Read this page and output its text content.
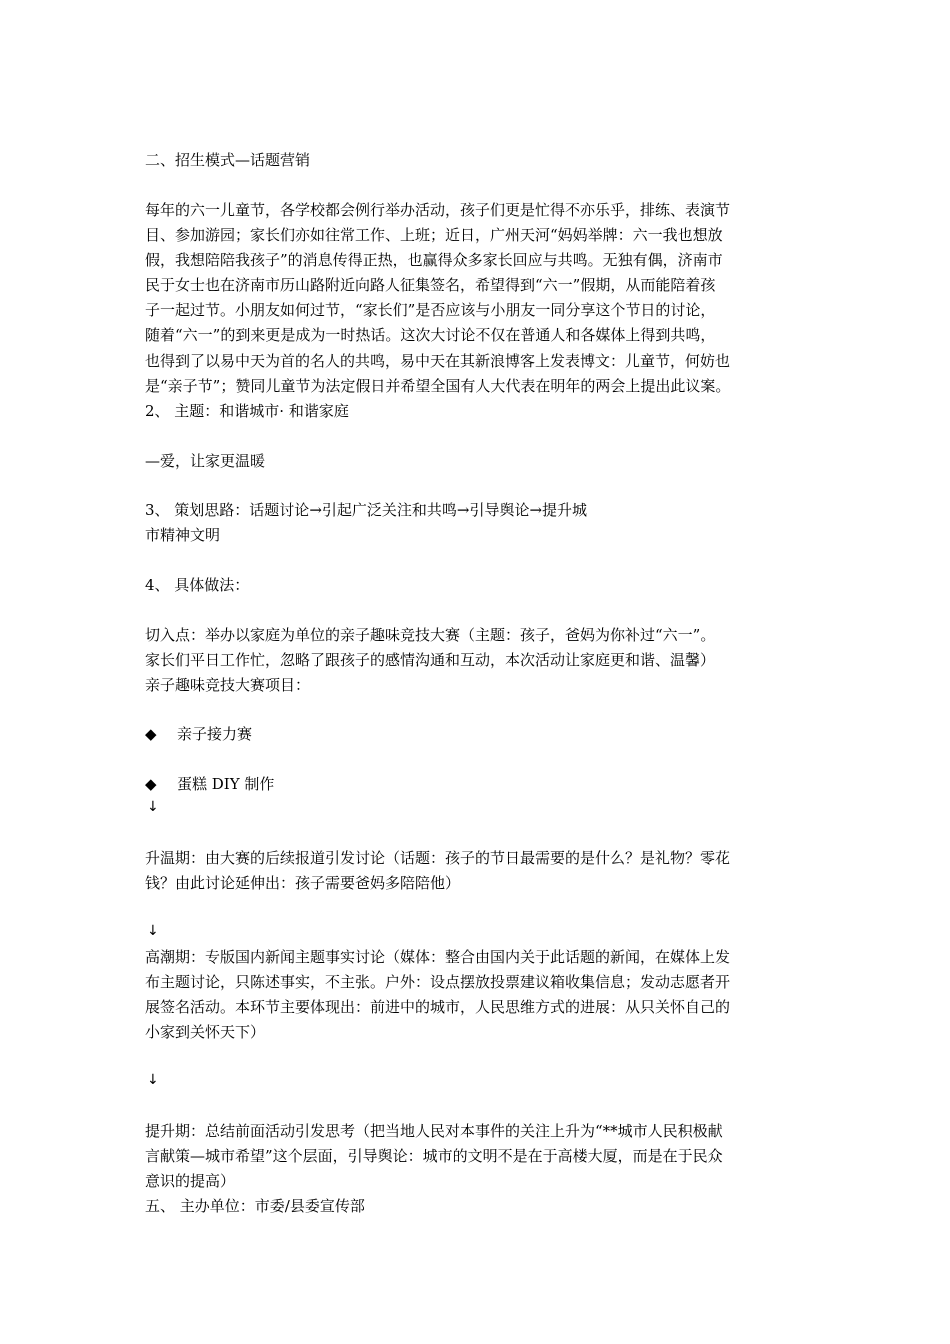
二、招生模式—话题营销
每年的六一儿童节，各学校都会例行举办活动，孩子们更是忙得不亦乐乎，排练、表演节
目、参加游园；家长们亦如往常工作、上班；近日，广州天河“妈妈举牌：六一我也想放
假，我想陪陪我孩子”的消息传得正热，也赢得众多家长回应与共鸣。无独有偶，济南市
民于女士也在济南市历山路附近向路人征集签名，希望得到“六一”假期，从而能陪着孩
子一起过节。小朋友如何过节，“家长们”是否应该与小朋友一同分享这个节日的讨论，
随着“六一”的到来更是成为一时热话。这次大讨论不仅在普通人和各媒体上得到共鸣，
也得到了以易中天为首的名人的共鸣，易中天在其新浪博客上发表博文：儿童节，何妨也
是“亲子节”；赞同儿童节为法定假日并希望全国有人大代表在明年的两会上提出此议案。
2、 主题：和谐城市· 和谐家庭
—爱，让家更温暖
3、 策划思路：话题讨论→引起广泛关注和共鸣→引导舆论→提升城
市精神文明
4、 具体做法：
切入点：举办以家庭为单位的亲子趣味竞技大赛（主题：孩子，爸妈为你补过“六一”。
家长们平日工作忙，忽略了跟孩子的感情沟通和互动，本次活动让家庭更和谐、温馨）
亲子趣味竞技大赛项目：
◆ 亲子接力赛
◆ 蛋糕 DIY 制作
↓
升温期：由大赛的后续报道引发讨论（话题：孩子的节日最需要的是什么？是礼物？零花
钱？由此讨论延伸出：孩子需要爸妈多陪陪他）
↓
高潮期：专版国内新闻主题事实讨论（媒体：整合由国内关于此话题的新闻，在媒体上发
布主题讨论，只陈述事实，不主张。户外：设点摆放投票建议箱收集信息；发动志愿者开
展签名活动。本环节主要体现出：前进中的城市，人民思维方式的进展：从只关怀自己的
小家到关怀天下）
↓
提升期：总结前面活动引发思考（把当地人民对本事件的关注上升为“**城市人民积极献
言献策—城市希望”这个层面，引导舆论：城市的文明不是在于高楼大厦，而是在于民众
意识的提高）
五、 主办单位：市委/县委宣传部
